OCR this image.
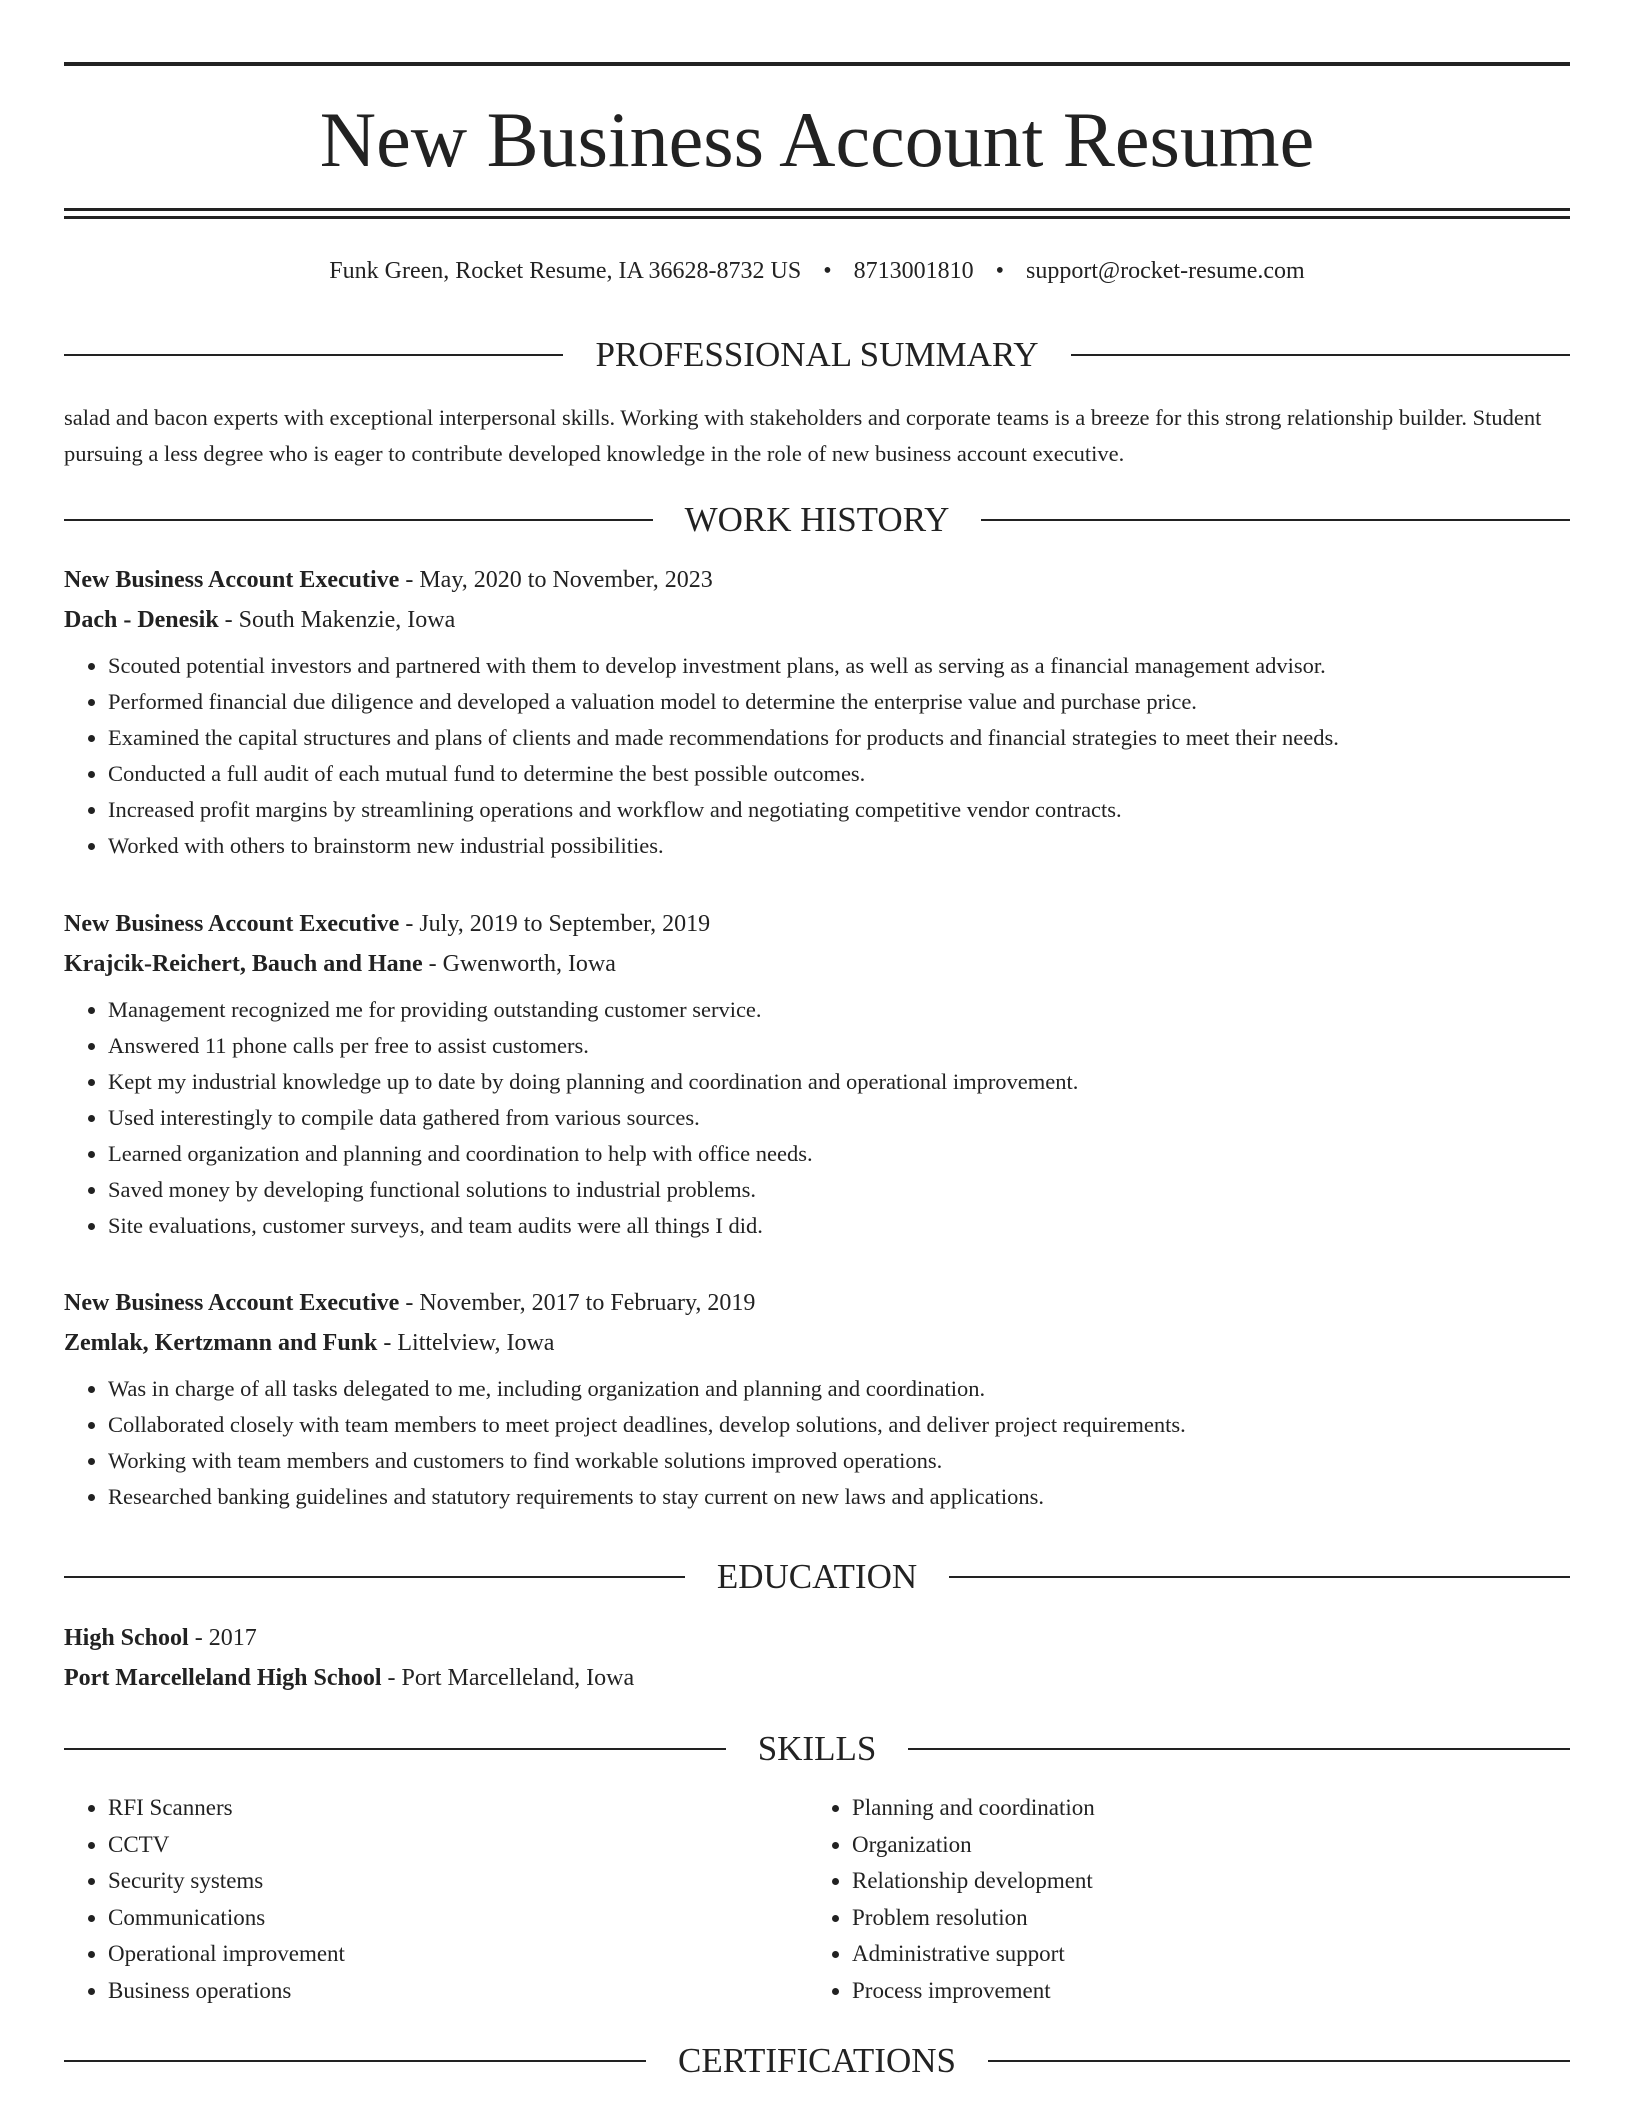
New Business Account Resume
Funk Green, Rocket Resume, IA 36628-8732 US • 8713001810 • support@rocket-resume.com
PROFESSIONAL SUMMARY
salad and bacon experts with exceptional interpersonal skills. Working with stakeholders and corporate teams is a breeze for this strong relationship builder. Student pursuing a less degree who is eager to contribute developed knowledge in the role of new business account executive.
WORK HISTORY
New Business Account Executive - May, 2020 to November, 2023
Dach - Denesik - South Makenzie, Iowa
• Scouted potential investors and partnered with them to develop investment plans, as well as serving as a financial management advisor.
• Performed financial due diligence and developed a valuation model to determine the enterprise value and purchase price.
• Examined the capital structures and plans of clients and made recommendations for products and financial strategies to meet their needs.
• Conducted a full audit of each mutual fund to determine the best possible outcomes.
• Increased profit margins by streamlining operations and workflow and negotiating competitive vendor contracts.
• Worked with others to brainstorm new industrial possibilities.
New Business Account Executive - July, 2019 to September, 2019
Krajcik-Reichert, Bauch and Hane - Gwenworth, Iowa
• Management recognized me for providing outstanding customer service.
• Answered 11 phone calls per free to assist customers.
• Kept my industrial knowledge up to date by doing planning and coordination and operational improvement.
• Used interestingly to compile data gathered from various sources.
• Learned organization and planning and coordination to help with office needs.
• Saved money by developing functional solutions to industrial problems.
• Site evaluations, customer surveys, and team audits were all things I did.
New Business Account Executive - November, 2017 to February, 2019
Zemlak, Kertzmann and Funk - Littelview, Iowa
• Was in charge of all tasks delegated to me, including organization and planning and coordination.
• Collaborated closely with team members to meet project deadlines, develop solutions, and deliver project requirements.
• Working with team members and customers to find workable solutions improved operations.
• Researched banking guidelines and statutory requirements to stay current on new laws and applications.
EDUCATION
High School - 2017
Port Marcelleland High School - Port Marcelleland, Iowa
SKILLS
• RFI Scanners
• CCTV
• Security systems
• Communications
• Operational improvement
• Business operations
• Planning and coordination
• Organization
• Relationship development
• Problem resolution
• Administrative support
• Process improvement
CERTIFICATIONS
